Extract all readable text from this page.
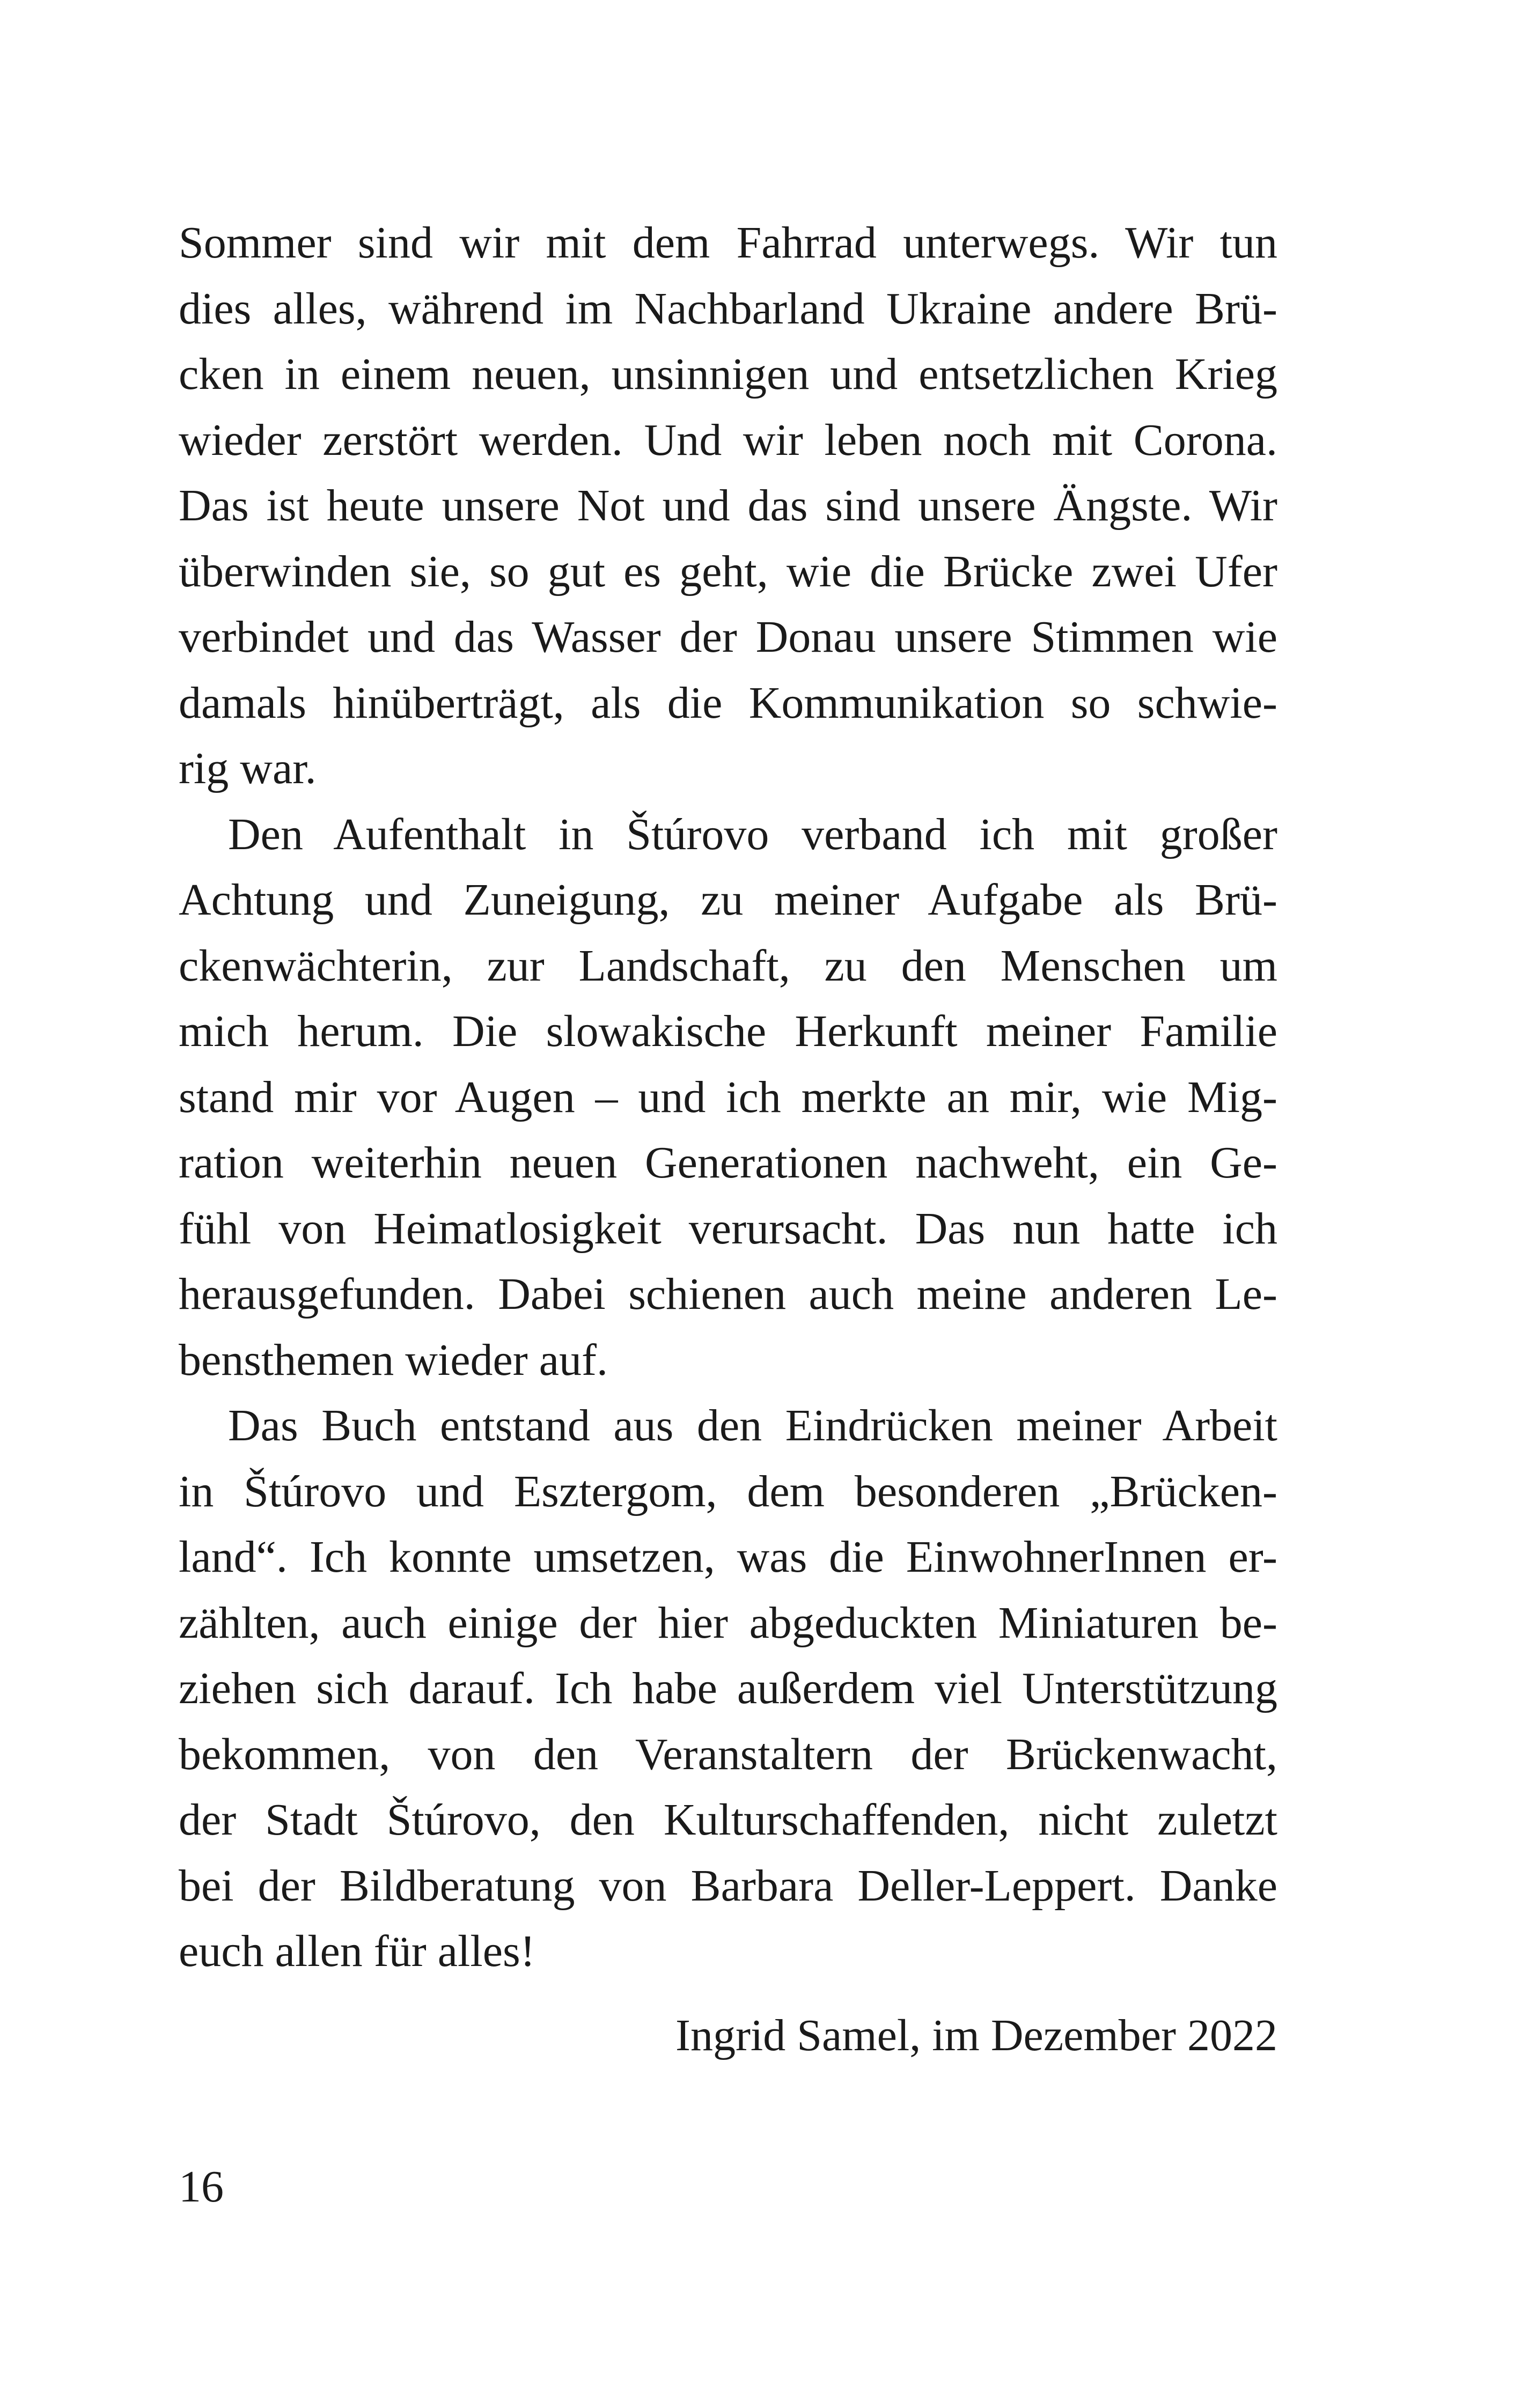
Sommer sind wir mit dem Fahrrad unterwegs. Wir tun
dies alles, während im Nachbarland Ukraine andere Brü-
cken in einem neuen, unsinnigen und entsetzlichen Krieg
wieder zerstört werden. Und wir leben noch mit Corona.
Das ist heute unsere Not und das sind unsere Ängste. Wir
überwinden sie, so gut es geht, wie die Brücke zwei Ufer
verbindet und das Wasser der Donau unsere Stimmen wie
damals hinüberträgt, als die Kommunikation so schwie-
rig war.
Den Aufenthalt in Štúrovo verband ich mit großer
Achtung und Zuneigung, zu meiner Aufgabe als Brü-
ckenwächterin, zur Landschaft, zu den Menschen um
mich herum. Die slowakische Herkunft meiner Familie
stand mir vor Augen – und ich merkte an mir, wie Mig-
ration weiterhin neuen Generationen nachweht, ein Ge-
fühl von Heimatlosigkeit verursacht. Das nun hatte ich
herausgefunden. Dabei schienen auch meine anderen Le-
bensthemen wieder auf.
Das Buch entstand aus den Eindrücken meiner Arbeit
in Štúrovo und Esztergom, dem besonderen „Brücken-
land“. Ich konnte umsetzen, was die EinwohnerInnen er-
zählten, auch einige der hier abgeduckten Miniaturen be-
ziehen sich darauf. Ich habe außerdem viel Unterstützung
bekommen, von den Veranstaltern der Brückenwacht,
der Stadt Štúrovo, den Kulturschaffenden, nicht zuletzt
bei der Bildberatung von Barbara Deller-Leppert. Danke
euch allen für alles!
Ingrid Samel, im Dezember 2022
16
